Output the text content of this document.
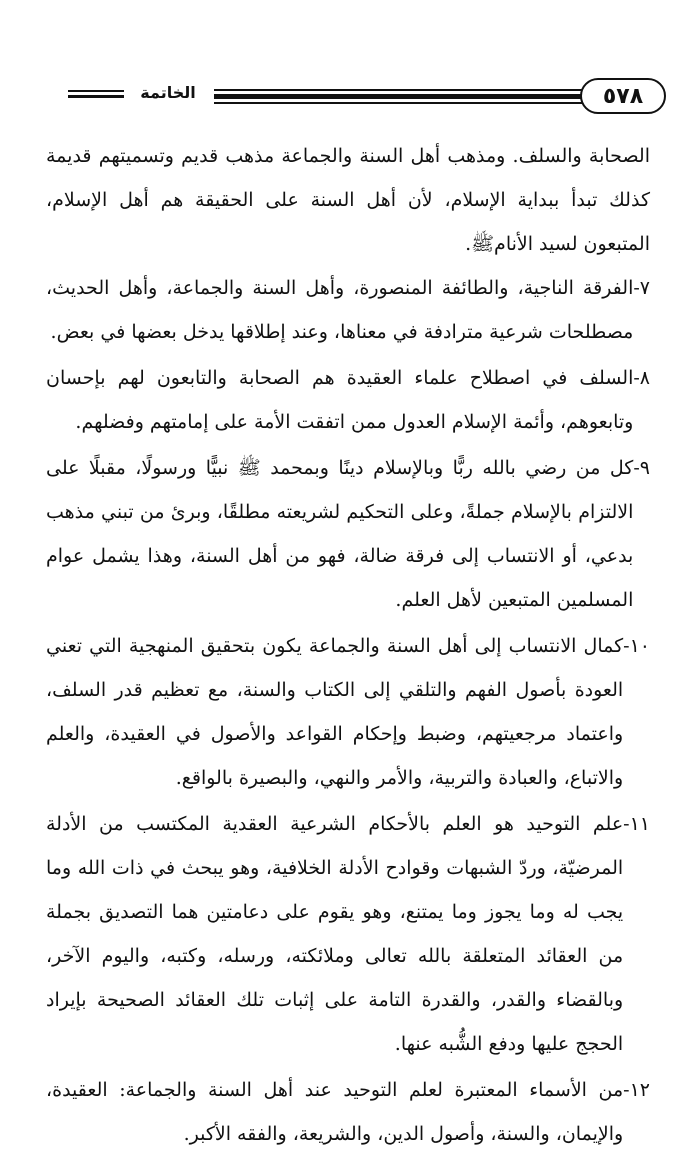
٥٧٨
الخاتمة

الصحابة والسلف. ومذهب أهل السنة والجماعة مذهب قديم وتسميتهم قديمة كذلك تبدأ ببداية الإسلام، لأن أهل السنة على الحقيقة هم أهل الإسلام، المتبعون لسيد الأنامﷺ.

٧-
الفرقة الناجية، والطائفة المنصورة، وأهل السنة والجماعة، وأهل الحديث، مصطلحات شرعية مترادفة في معناها، وعند إطلاقها يدخل بعضها في بعض.
٨-
السلف في اصطلاح علماء العقيدة هم الصحابة والتابعون لهم بإحسان وتابعوهم، وأئمة الإسلام العدول ممن اتفقت الأمة على إمامتهم وفضلهم.
٩-
كل من رضي بالله ربًّا وبالإسلام دينًا وبمحمد ﷺ نبيًّا ورسولًا، مقبلًا على الالتزام بالإسلام جملةً، وعلى التحكيم لشريعته مطلقًا، وبرئ من تبني مذهب بدعي، أو الانتساب إلى فرقة ضالة، فهو من أهل السنة، وهذا يشمل عوام المسلمين المتبعين لأهل العلم.
١٠-
كمال الانتساب إلى أهل السنة والجماعة يكون بتحقيق المنهجية التي تعني العودة بأصول الفهم والتلقي إلى الكتاب والسنة، مع تعظيم قدر السلف، واعتماد مرجعيتهم، وضبط وإحكام القواعد والأصول في العقيدة، والعلم والاتباع، والعبادة والتربية، والأمر والنهي، والبصيرة بالواقع.
١١-
علم التوحيد هو العلم بالأحكام الشرعية العقدية المكتسب من الأدلة المرضيّة، وردّ الشبهات وقوادح الأدلة الخلافية، وهو يبحث في ذات الله وما يجب له وما يجوز وما يمتنع، وهو يقوم على دعامتين هما التصديق بجملة من العقائد المتعلقة بالله تعالى وملائكته، ورسله، وكتبه، واليوم الآخر، وبالقضاء والقدر، والقدرة التامة على إثبات تلك العقائد الصحيحة بإيراد الحجج عليها ودفع الشُّبه عنها.
١٢-
من الأسماء المعتبرة لعلم التوحيد عند أهل السنة والجماعة: العقيدة، والإيمان، والسنة، وأصول الدين، والشريعة، والفقه الأكبر.
